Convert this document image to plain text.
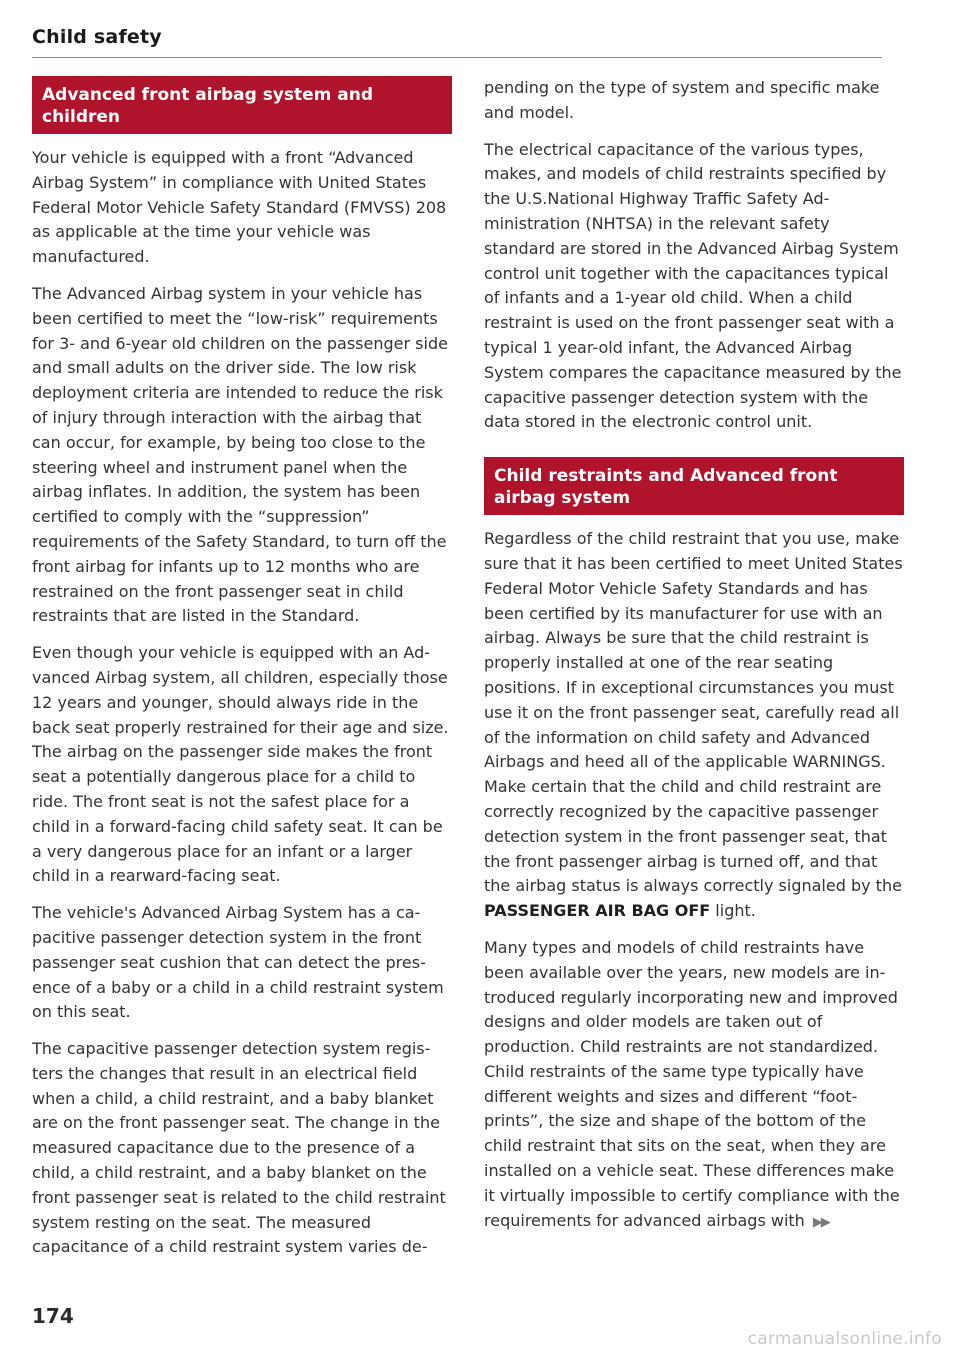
Child safety
Advanced front airbag system and children

Your vehicle is equipped with a front “Advanced Airbag System” in compliance with United States Federal Motor Vehicle Safety Standard (FMVSS) 208 as applicable at the time your vehicle was manufactured.

The Advanced Airbag system in your vehicle has been certified to meet the “low-risk” requirements for 3- and 6-year old children on the passenger side and small adults on the driver side. The low risk deployment criteria are intended to reduce the risk of injury through interaction with the airbag that can occur, for example, by being too close to the steering wheel and instrument panel when the airbag inflates. In addition, the system has been certified to comply with the “suppression” requirements of the Safety Standard, to turn off the front airbag for infants up to 12 months who are restrained on the front passenger seat in child restraints that are listed in the Standard.

Even though your vehicle is equipped with an Advanced Airbag system, all children, especially those 12 years and younger, should always ride in the back seat properly restrained for their age and size. The airbag on the passenger side makes the front seat a potentially dangerous place for a child to ride. The front seat is not the safest place for a child in a forward-facing child safety seat. It can be a very dangerous place for an infant or a larger child in a rearward-facing seat.

The vehicle's Advanced Airbag System has a capacitive passenger detection system in the front passenger seat cushion that can detect the presence of a baby or a child in a child restraint system on this seat.

The capacitive passenger detection system registers the changes that result in an electrical field when a child, a child restraint, and a baby blanket are on the front passenger seat. The change in the measured capacitance due to the presence of a child, a child restraint, and a baby blanket on the front passenger seat is related to the child restraint system resting on the seat. The measured capacitance of a child restraint system varies de-

pending on the type of system and specific make and model.

The electrical capacitance of the various types, makes, and models of child restraints specified by the U.S.National Highway Traffic Safety Administration (NHTSA) in the relevant safety standard are stored in the Advanced Airbag System control unit together with the capacitances typical of infants and a 1-year old child. When a child restraint is used on the front passenger seat with a typical 1 year-old infant, the Advanced Airbag System compares the capacitance measured by the capacitive passenger detection system with the data stored in the electronic control unit.

Child restraints and Advanced front airbag system

Regardless of the child restraint that you use, make sure that it has been certified to meet United States Federal Motor Vehicle Safety Standards and has been certified by its manufacturer for use with an airbag. Always be sure that the child restraint is properly installed at one of the rear seating positions. If in exceptional circumstances you must use it on the front passenger seat, carefully read all of the information on child safety and Advanced Airbags and heed all of the applicable WARNINGS. Make certain that the child and child restraint are correctly recognized by the capacitive passenger detection system in the front passenger seat, that the front passenger airbag is turned off, and that the airbag status is always correctly signaled by the PASSENGER AIR BAG OFF light.

Many types and models of child restraints have been available over the years, new models are introduced regularly incorporating new and improved designs and older models are taken out of production. Child restraints are not standardized. Child restraints of the same type typically have different weights and sizes and different “footprints”, the size and shape of the bottom of the child restraint that sits on the seat, when they are installed on a vehicle seat. These differences make it virtually impossible to certify compliance with the requirements for advanced airbags with ▶▶

174
carmanualsonline.info
